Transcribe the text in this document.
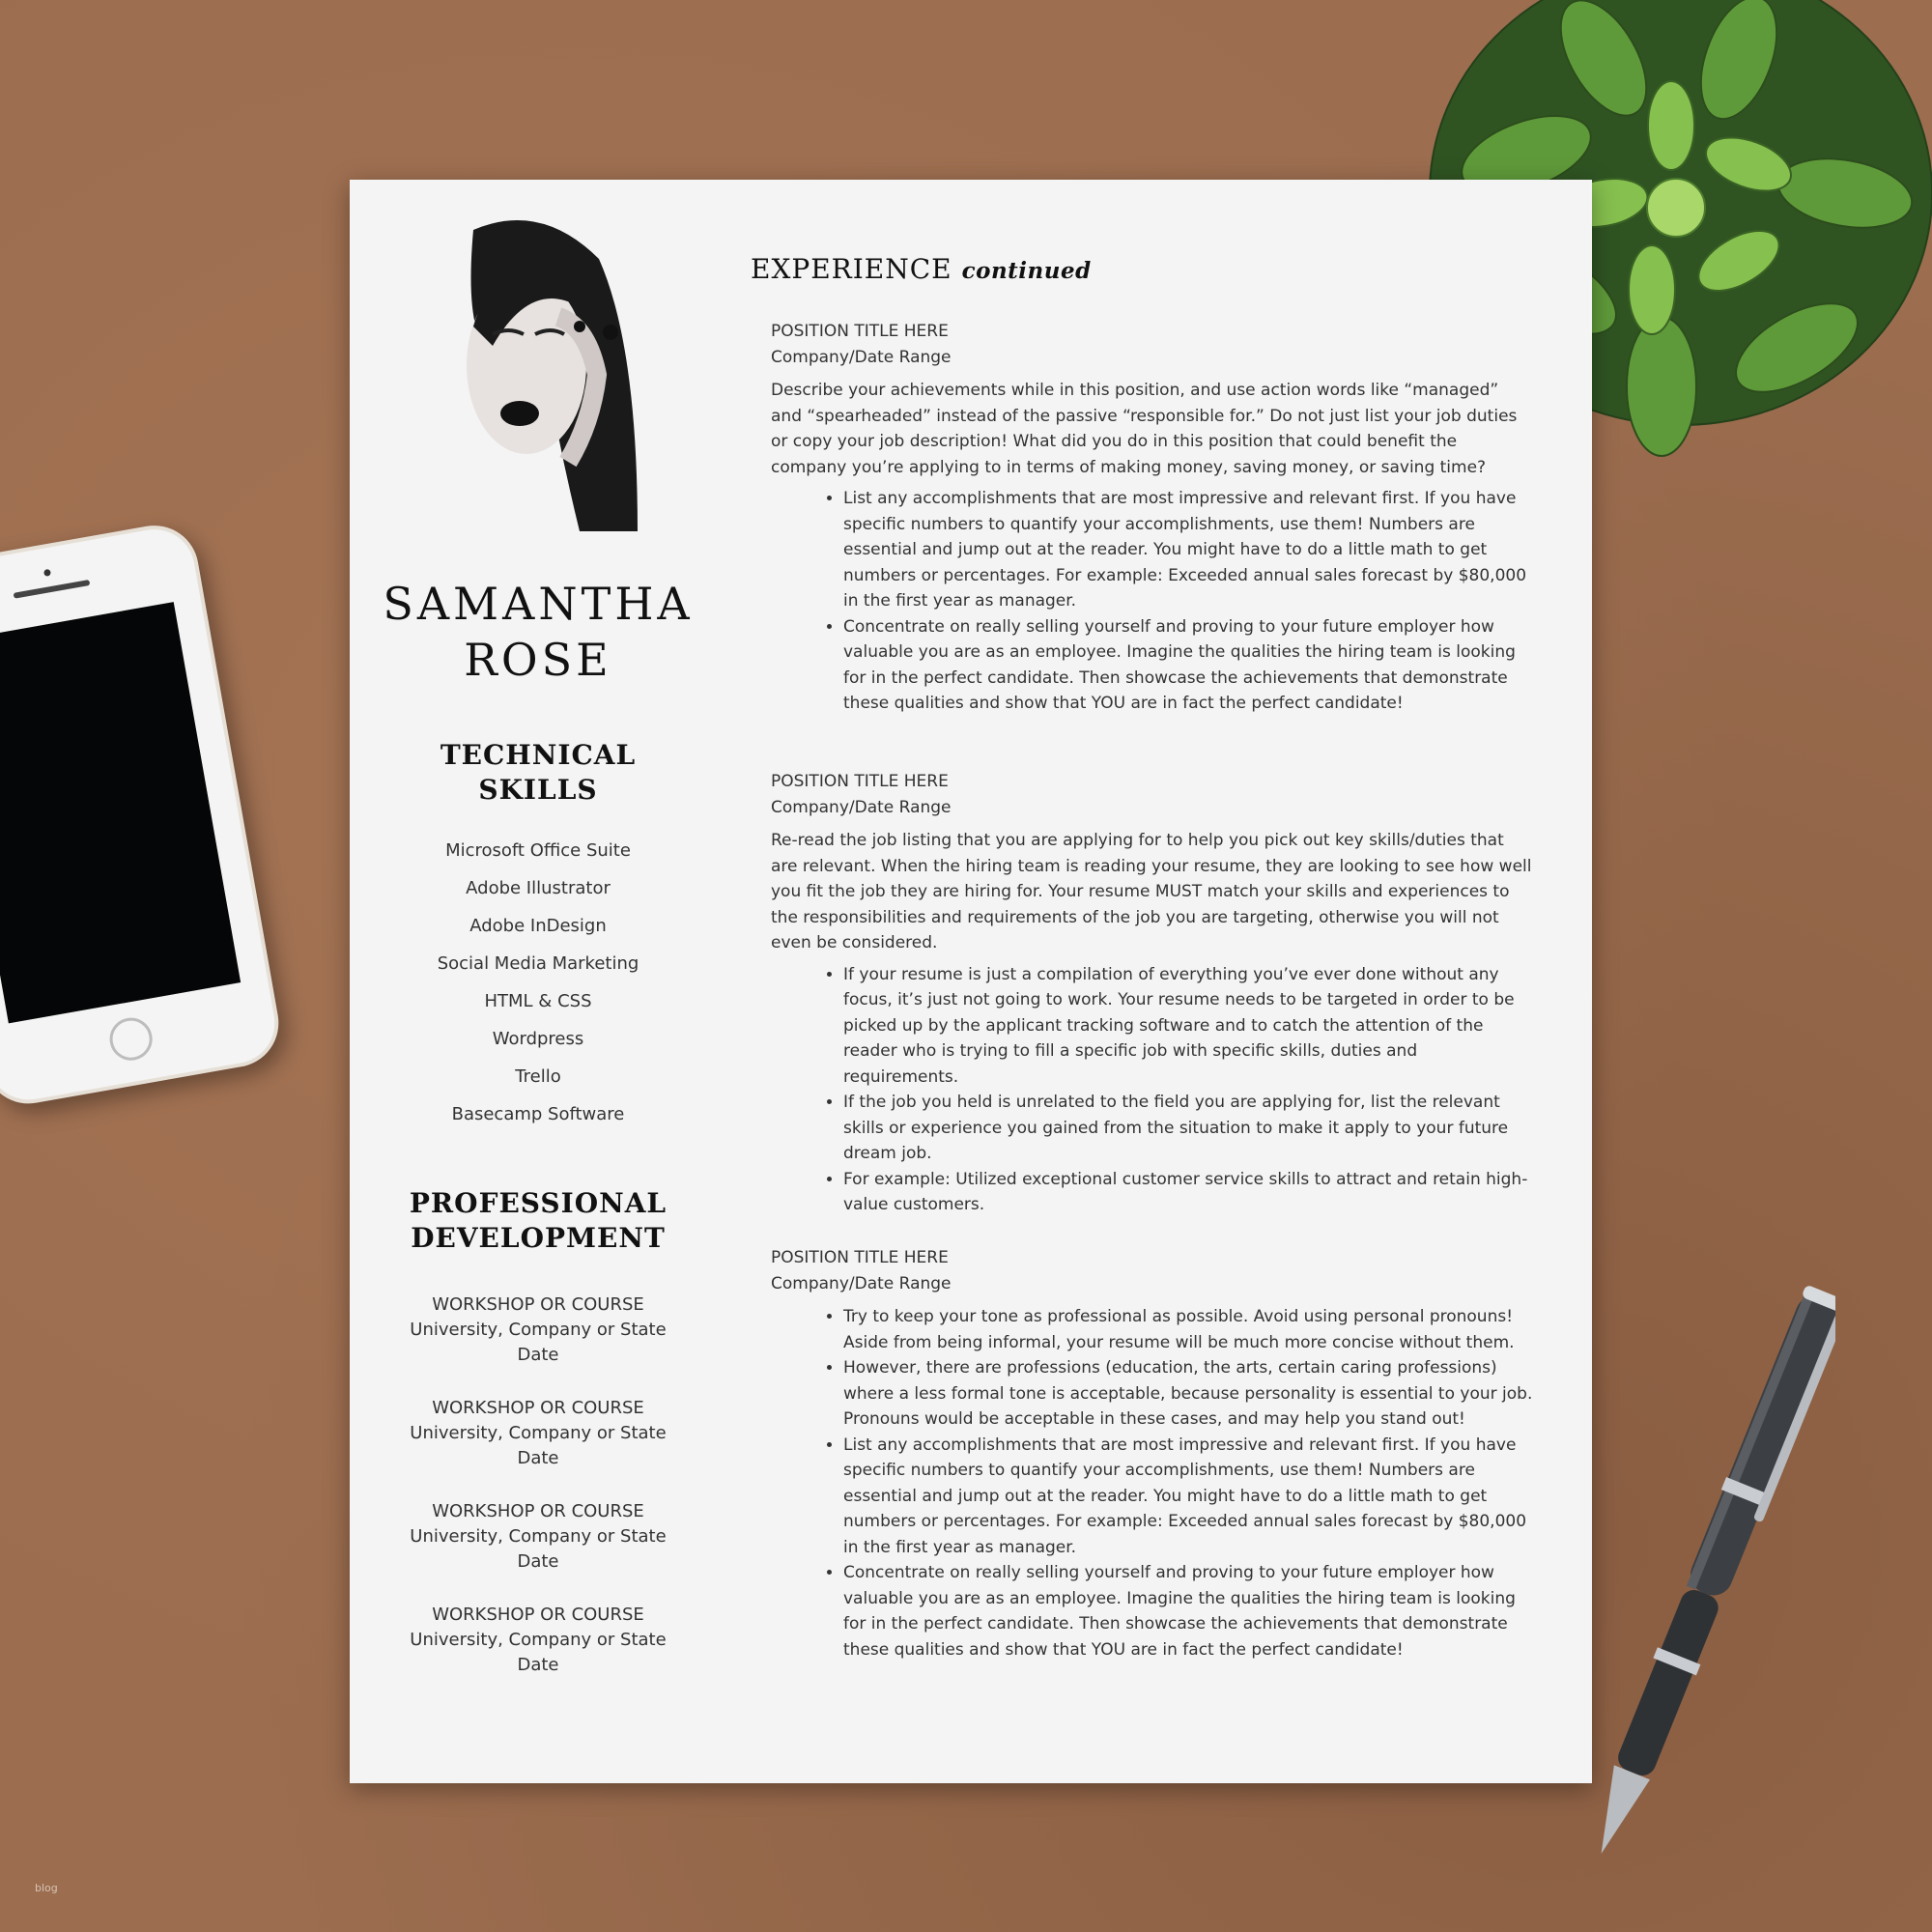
SAMANTHA
ROSE
TECHNICAL
SKILLS
Microsoft Office Suite
Adobe Illustrator
Adobe InDesign
Social Media Marketing
HTML & CSS
Wordpress
Trello
Basecamp Software
PROFESSIONAL
DEVELOPMENT
WORKSHOP OR COURSE
University, Company or State
Date
WORKSHOP OR COURSE
University, Company or State
Date
WORKSHOP OR COURSE
University, Company or State
Date
WORKSHOP OR COURSE
University, Company or State
Date
EXPERIENCE continued

POSITION TITLE HERE

Company/Date Range

Describe your achievements while in this position, and use action words like “managed” and “spearheaded” instead of the passive “responsible for.” Do not just list your job duties or copy your job description! What did you do in this position that could benefit the company you’re applying to in terms of making money, saving money, or saving time?

• List any accomplishments that are most impressive and relevant first. If you have specific numbers to quantify your accomplishments, use them! Numbers are essential and jump out at the reader. You might have to do a little math to get numbers or percentages. For example: Exceeded annual sales forecast by $80,000 in the first year as manager.
• Concentrate on really selling yourself and proving to your future employer how valuable you are as an employee. Imagine the qualities the hiring team is looking for in the perfect candidate. Then showcase the achievements that demonstrate these qualities and show that YOU are in fact the perfect candidate!

POSITION TITLE HERE

Company/Date Range

Re-read the job listing that you are applying for to help you pick out key skills/duties that are relevant. When the hiring team is reading your resume, they are looking to see how well you fit the job they are hiring for. Your resume MUST match your skills and experiences to the responsibilities and requirements of the job you are targeting, otherwise you will not even be considered.

• If your resume is just a compilation of everything you’ve ever done without any focus, it’s just not going to work. Your resume needs to be targeted in order to be picked up by the applicant tracking software and to catch the attention of the reader who is trying to fill a specific job with specific skills, duties and requirements.
• If the job you held is unrelated to the field you are applying for, list the relevant skills or experience you gained from the situation to make it apply to your future dream job.
• For example: Utilized exceptional customer service skills to attract and retain high-value customers.

POSITION TITLE HERE

Company/Date Range

• Try to keep your tone as professional as possible. Avoid using personal pronouns! Aside from being informal, your resume will be much more concise without them.
• However, there are professions (education, the arts, certain caring professions) where a less formal tone is acceptable, because personality is essential to your job. Pronouns would be acceptable in these cases, and may help you stand out!
• List any accomplishments that are most impressive and relevant first. If you have specific numbers to quantify your accomplishments, use them! Numbers are essential and jump out at the reader. You might have to do a little math to get numbers or percentages. For example: Exceeded annual sales forecast by $80,000 in the first year as manager.
• Concentrate on really selling yourself and proving to your future employer how valuable you are as an employee. Imagine the qualities the hiring team is looking for in the perfect candidate. Then showcase the achievements that demonstrate these qualities and show that YOU are in fact the perfect candidate!
blog
